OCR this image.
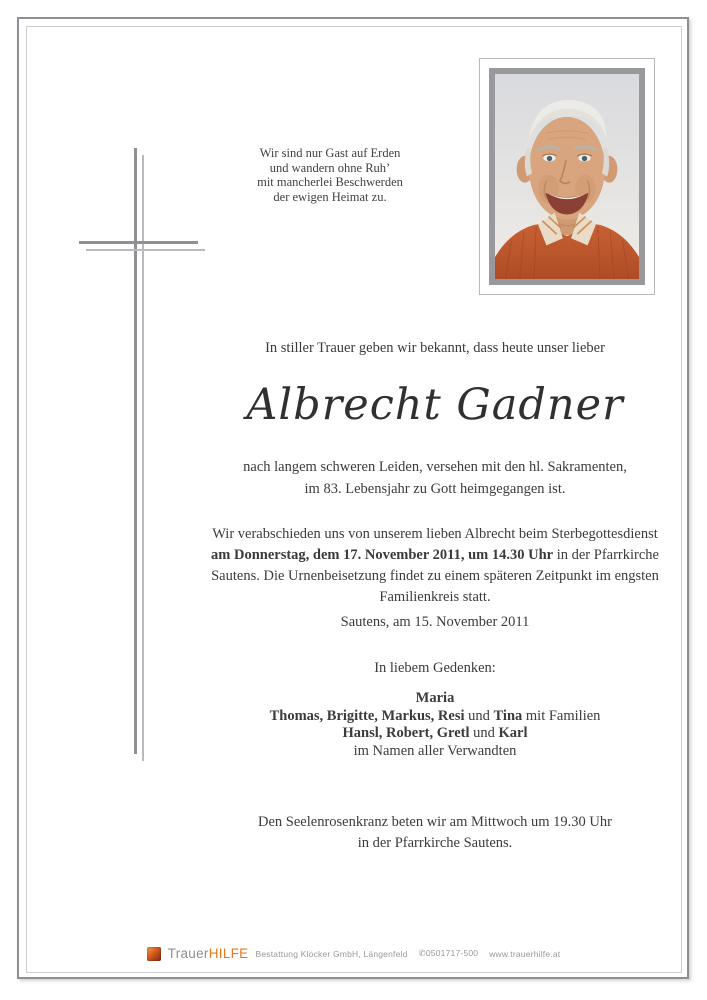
Wir sind nur Gast auf Erden
und wandern ohne Ruh’
mit mancherlei Beschwerden
der ewigen Heimat zu.
In stiller Trauer geben wir bekannt, dass heute unser lieber
Albrecht Gadner
nach langem schweren Leiden, versehen mit den hl. Sakramenten,
im 83. Lebensjahr zu Gott heimgegangen ist.
Wir verabschieden uns von unserem lieben Albrecht beim Sterbegottesdienst
am Donnerstag, dem 17. November 2011, um 14.30 Uhr in der Pfarrkirche
Sautens. Die Urnenbeisetzung findet zu einem späteren Zeitpunkt im engsten
Familienkreis statt.
Sautens, am 15. November 2011
In liebem Gedenken:
Maria
Thomas, Brigitte, Markus, Resi und Tina mit Familien
Hansl, Robert, Gretl und Karl
im Namen aller Verwandten
Den Seelenrosenkranz beten wir am Mittwoch um 19.30 Uhr
in der Pfarrkirche Sautens.
TrauerHILFE Bestattung Klocker GmbH, Längenfeld ✆0501717-500 www.trauerhilfe.at
